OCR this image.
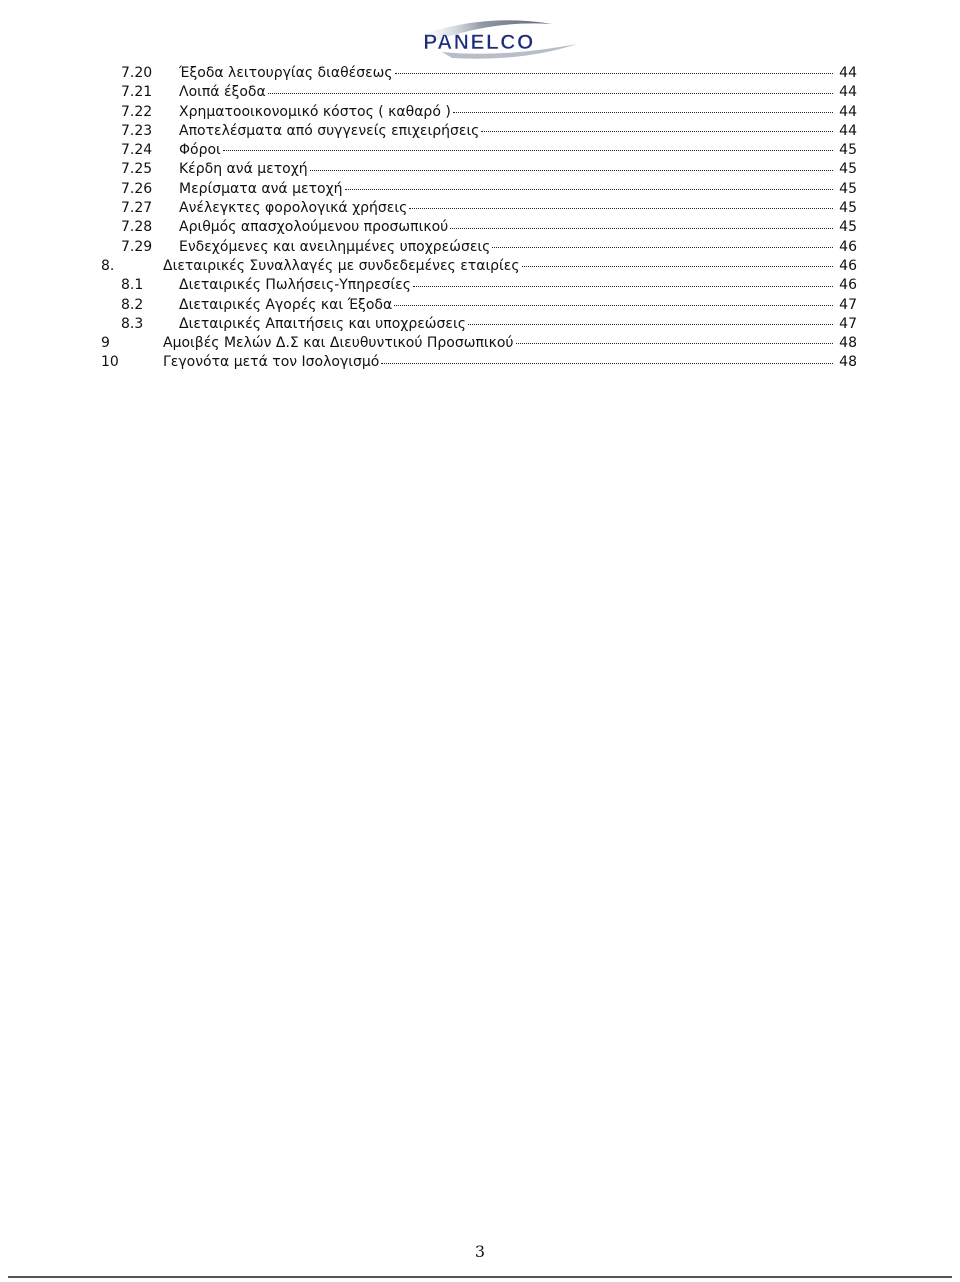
PANELCO
7.20	Έξοδα λειτουργίας διαθέσεως	44
7.21	Λοιπά έξοδα	44
7.22	Χρηματοοικονομικό κόστος ( καθαρό )	44
7.23	Αποτελέσματα από συγγενείς επιχειρήσεις	44
7.24	Φόροι	45
7.25	Κέρδη ανά μετοχή	45
7.26	Μερίσματα ανά μετοχή	45
7.27	Ανέλεγκτες φορολογικά χρήσεις	45
7.28	Αριθμός απασχολούμενου προσωπικού	45
7.29	Ενδεχόμενες και ανειλημμένες υποχρεώσεις	46
8.	Διεταιρικές Συναλλαγές με συνδεδεμένες εταιρίες	46
8.1	Διεταιρικές Πωλήσεις-Υπηρεσίες	46
8.2	Διεταιρικές Αγορές και Έξοδα	47
8.3	Διεταιρικές Απαιτήσεις και υποχρεώσεις	47
9	Αμοιβές Μελών Δ.Σ και Διευθυντικού Προσωπικού	48
10	Γεγονότα μετά τον Ισολογισμό	48
3
